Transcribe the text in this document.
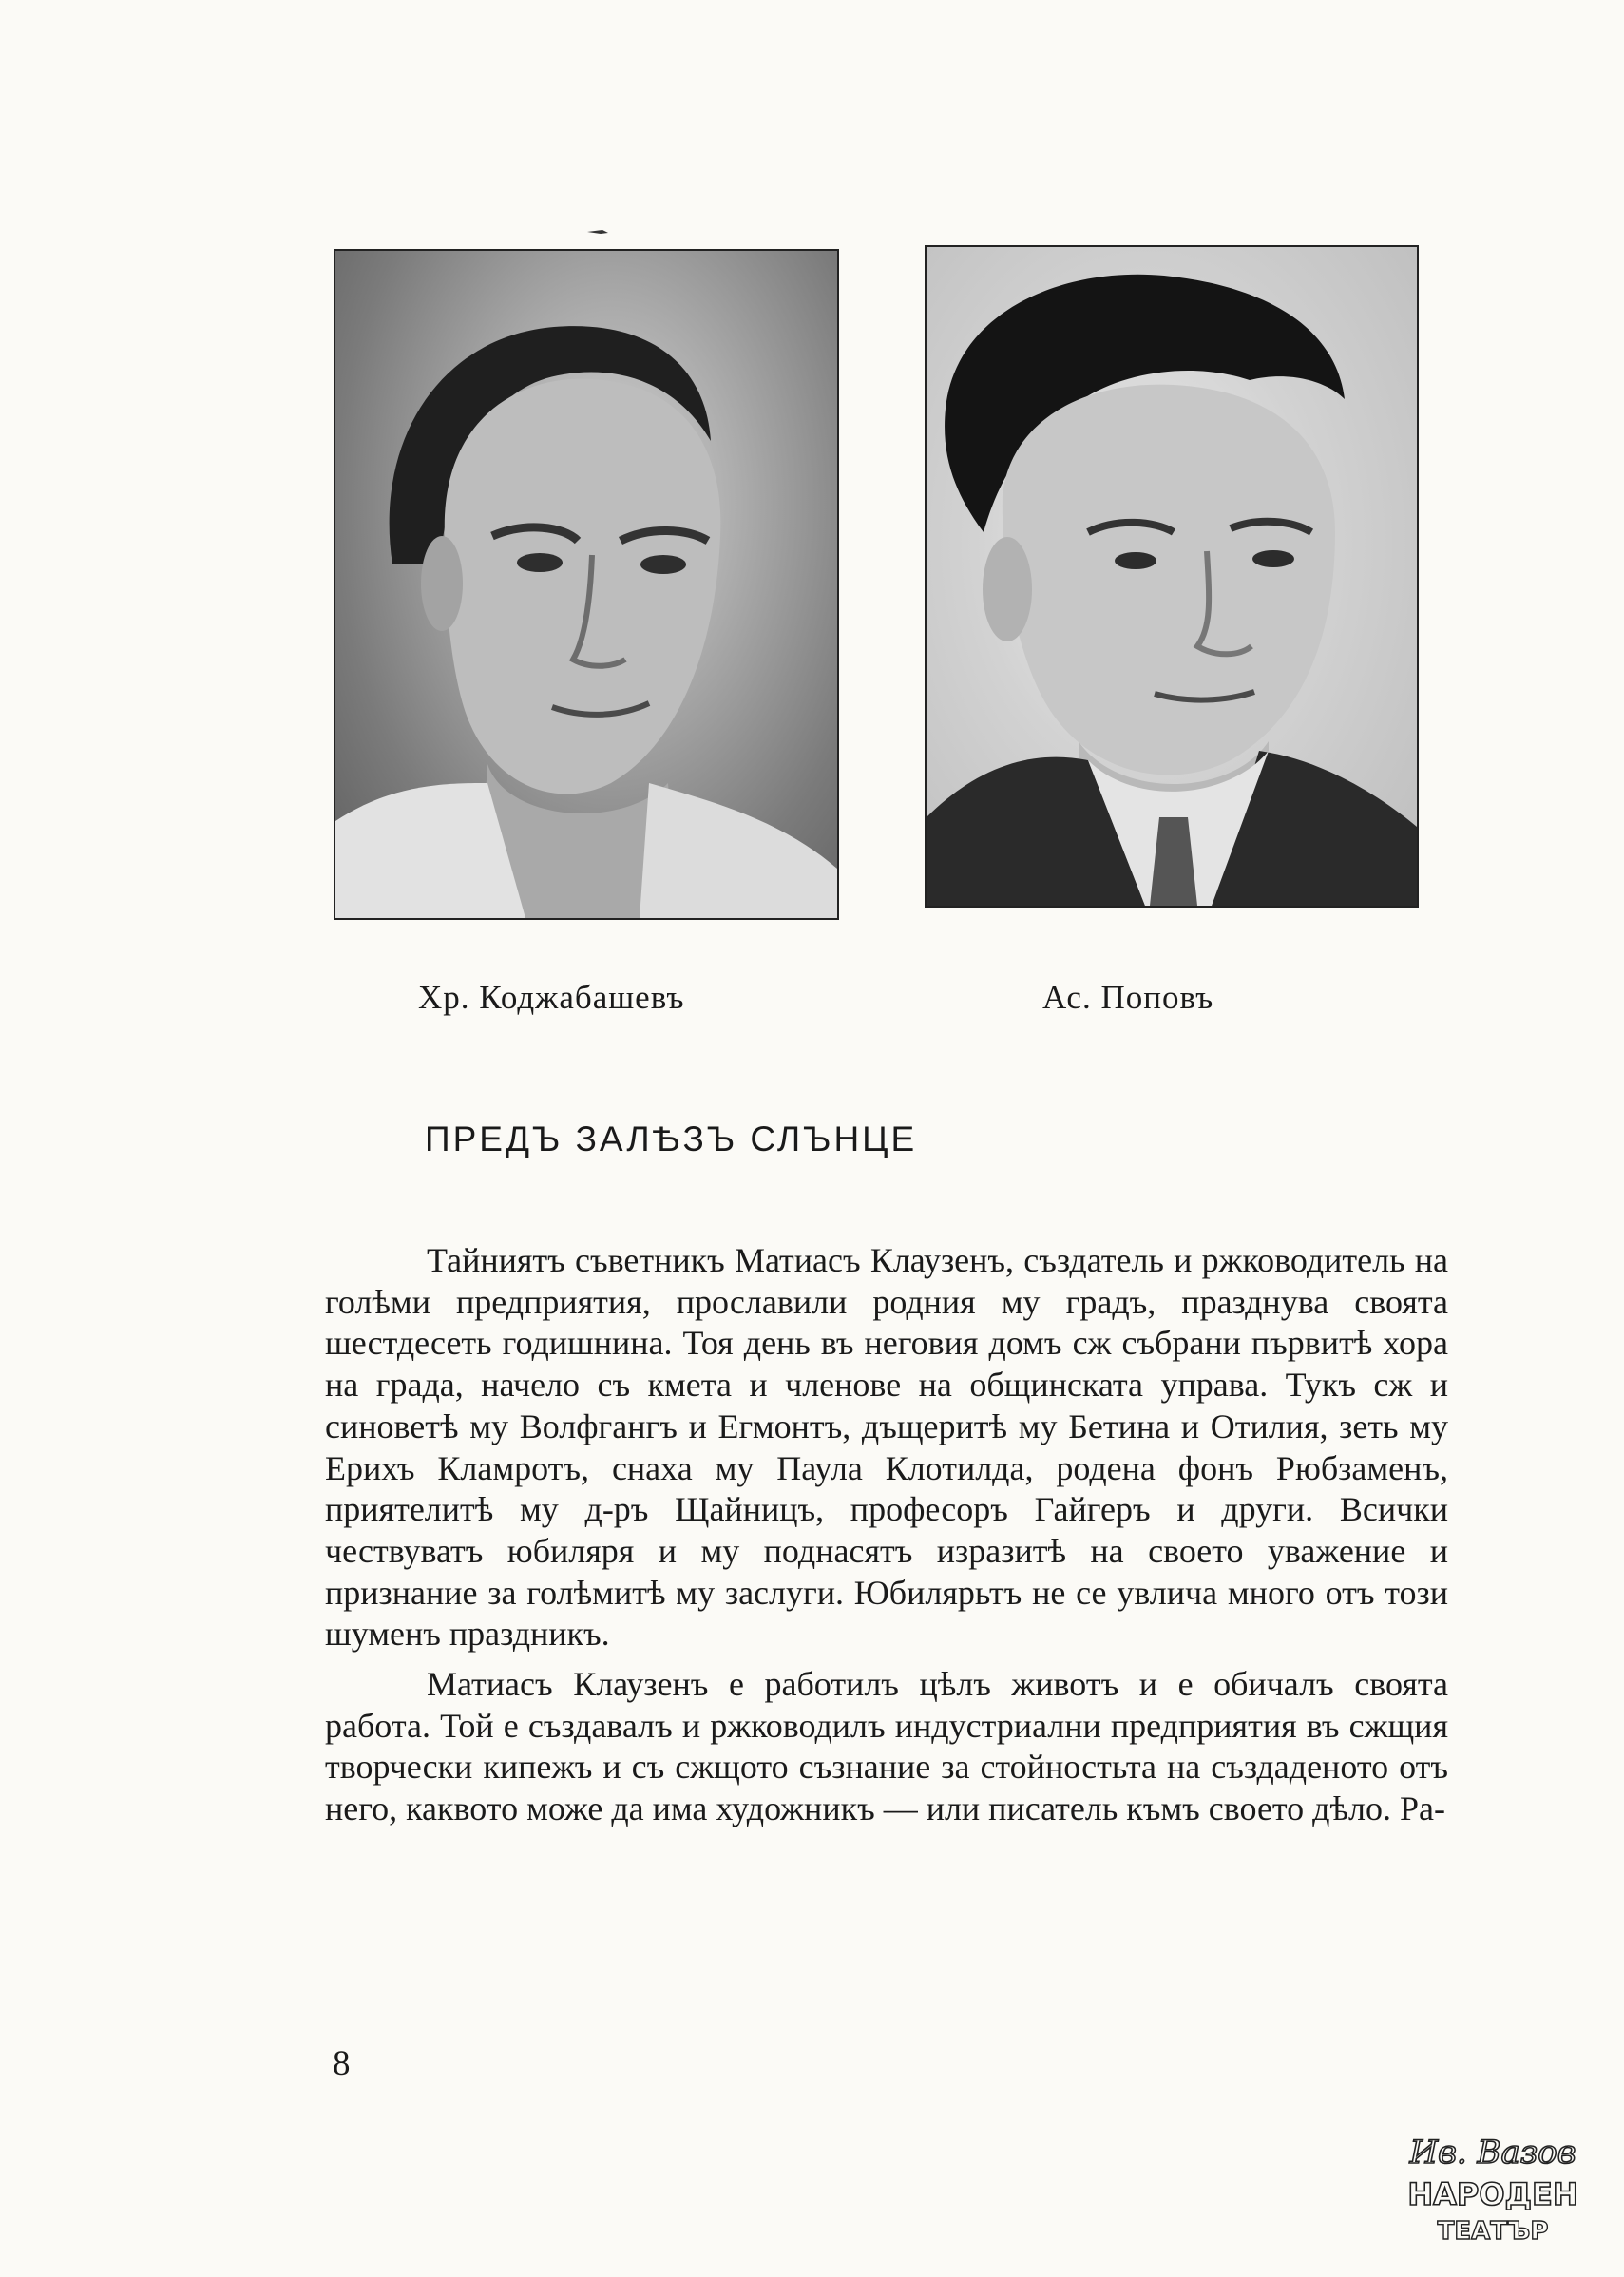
Хр. Коджабашевъ	Ас. Поповъ
ПРЕДЪ ЗАЛѢЗЪ СЛЪНЦЕ

Тайниятъ съветникъ Матиасъ Клаузенъ, създатель и ржководитель на голѣми предприятия, прославили родния му градъ, празднува своята шестдесеть годишнина. Тоя день въ неговия домъ сж събрани първитѣ хора на града, начело съ кмета и членове на общинската управа. Тукъ сж и синоветѣ му Волфгангъ и Егмонтъ, дъщеритѣ му Бетина и Отилия, зеть му Ерихъ Кламротъ, снаха му Паула Клотилда, родена фонъ Рюбзаменъ, приятелитѣ му д-ръ Щайницъ, професоръ Гайгеръ и други. Всички чествуватъ юбиляря и му поднасятъ изразитѣ на своето уважение и признание за голѣмитѣ му заслуги. Юбилярьтъ не се увлича много отъ този шуменъ праздникъ.

Матиасъ Клаузенъ е работилъ цѣлъ животъ и е обичалъ своята работа. Той е създавалъ и ржководилъ индустриални предприятия въ сжщия творчески кипежъ и съ сжщото съзнание за стойностьта на създаденото отъ него, каквото може да има художникъ — или писатель къмъ своето дѣло. Ра-

8
Ив. Вазов
НАРОДЕН
ТЕАТЪР
